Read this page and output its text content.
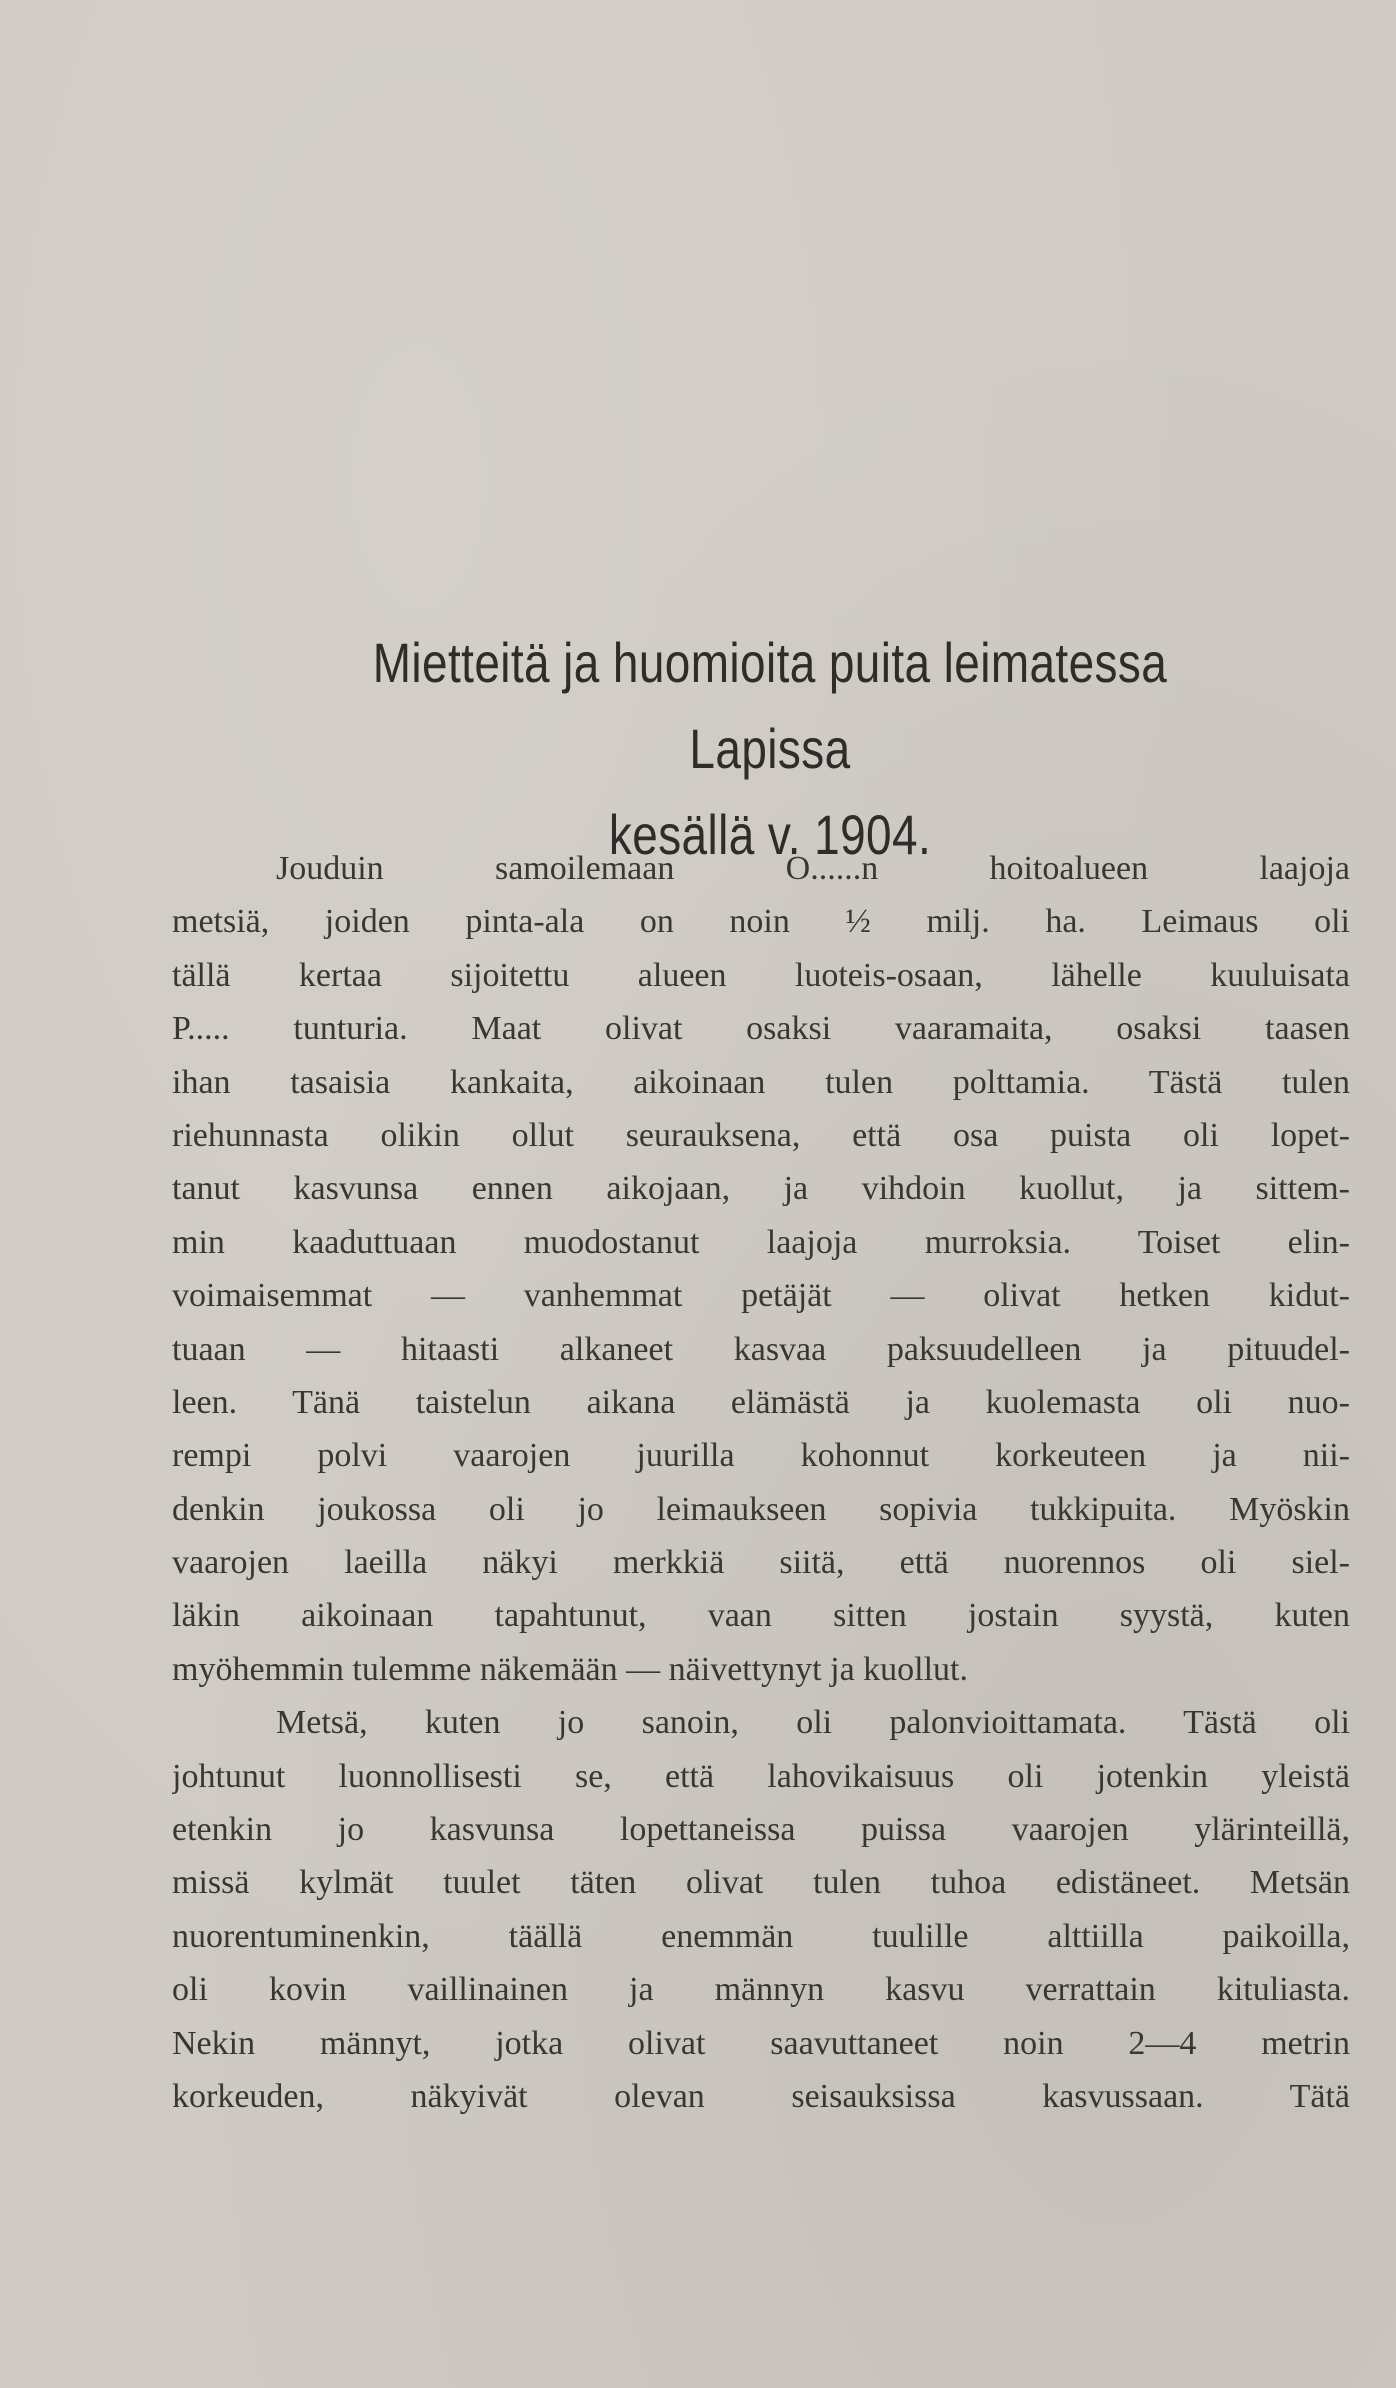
Mietteitä ja huomioita puita leimatessa Lapissa
kesällä v. 1904.
Jouduin samoilemaan O......n hoitoalueen laajoja
metsiä, joiden pinta-ala on noin ½ milj. ha. Leimaus oli
tällä kertaa sijoitettu alueen luoteis-osaan, lähelle kuuluisata
P..... tunturia. Maat olivat osaksi vaaramaita, osaksi taasen
ihan tasaisia kankaita, aikoinaan tulen polttamia. Tästä tulen
riehunnasta olikin ollut seurauksena, että osa puista oli lopet-
tanut kasvunsa ennen aikojaan, ja vihdoin kuollut, ja sittem-
min kaaduttuaan muodostanut laajoja murroksia. Toiset elin-
voimaisemmat — vanhemmat petäjät — olivat hetken kidut-
tuaan — hitaasti alkaneet kasvaa paksuudelleen ja pituudel-
leen. Tänä taistelun aikana elämästä ja kuolemasta oli nuo-
rempi polvi vaarojen juurilla kohonnut korkeuteen ja nii-
denkin joukossa oli jo leimaukseen sopivia tukkipuita. Myöskin
vaarojen laeilla näkyi merkkiä siitä, että nuorennos oli siel-
läkin aikoinaan tapahtunut, vaan sitten jostain syystä, kuten
myöhemmin tulemme näkemään — näivettynyt ja kuollut.
Metsä, kuten jo sanoin, oli palonvioittamata. Tästä oli
johtunut luonnollisesti se, että lahovikaisuus oli jotenkin yleistä
etenkin jo kasvunsa lopettaneissa puissa vaarojen ylärinteillä,
missä kylmät tuulet täten olivat tulen tuhoa edistäneet. Metsän
nuorentuminenkin, täällä enemmän tuulille alttiilla paikoilla,
oli kovin vaillinainen ja männyn kasvu verrattain kituliasta.
Nekin männyt, jotka olivat saavuttaneet noin 2—4 metrin
korkeuden, näkyivät olevan seisauksissa kasvussaan. Tätä
